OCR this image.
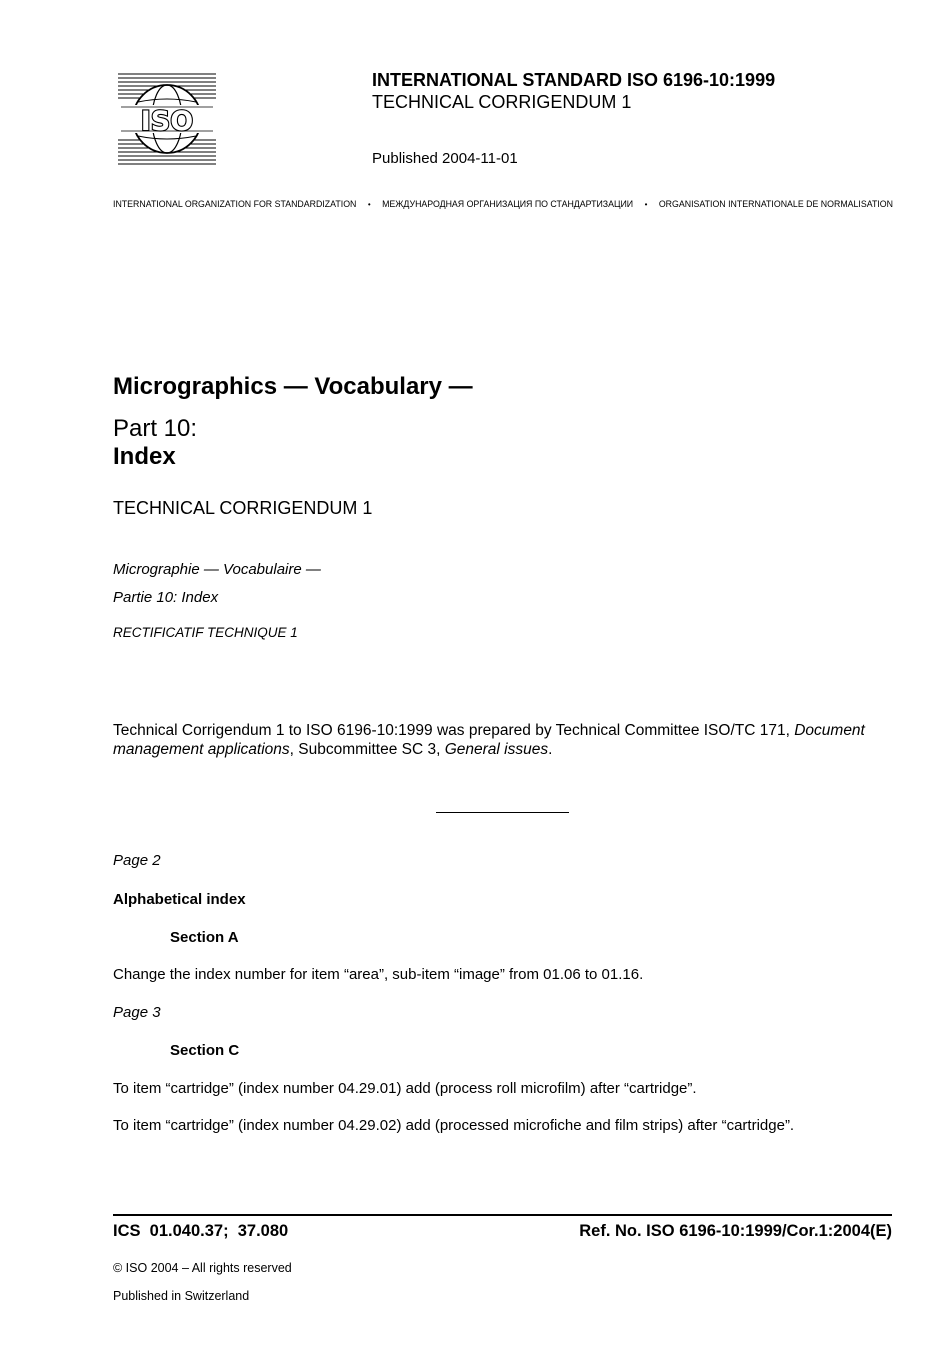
ISO
INTERNATIONAL STANDARD ISO 6196-10:1999
TECHNICAL CORRIGENDUM 1
Published 2004-11-01
INTERNATIONAL ORGANIZATION FOR STANDARDIZATION • МЕЖДУНАРОДНАЯ ОРГАНИЗАЦИЯ ПО СТАНДАРТИЗАЦИИ • ORGANISATION INTERNATIONALE DE NORMALISATION
Micrographics — Vocabulary —
Part 10:
Index
TECHNICAL CORRIGENDUM 1
Micrographie — Vocabulaire —
Partie 10: Index
RECTIFICATIF TECHNIQUE 1
Technical Corrigendum 1 to ISO 6196-10:1999 was prepared by Technical Committee ISO/TC 171, Document management applications, Subcommittee SC 3, General issues.
Page 2
Alphabetical index
Section A
Change the index number for item “area”, sub-item “image” from 01.06 to 01.16.
Page 3
Section C
To item “cartridge” (index number 04.29.01) add (process roll microfilm) after “cartridge”.
To item “cartridge” (index number 04.29.02) add (processed microfiche and film strips) after “cartridge”.
ICS  01.040.37;  37.080	Ref. No. ISO 6196-10:1999/Cor.1:2004(E)
© ISO 2004 – All rights reserved
Published in Switzerland
